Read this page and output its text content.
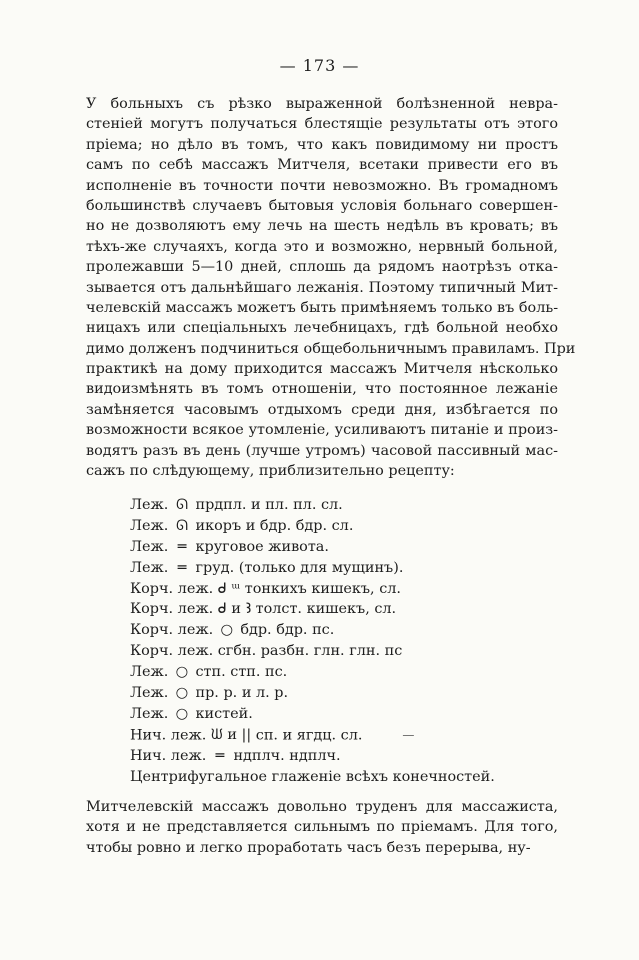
— 173 —
У больныхъ съ рѣзко выраженной болѣзненной невра-
стеніей могутъ получаться блестящіе результаты отъ этого
пріема; но дѣло въ томъ, что какъ повидимому ни простъ
самъ по себѣ массажъ Митчеля, всетаки привести его въ
исполненіе въ точности почти невозможно. Въ громадномъ
большинствѣ случаевъ бытовыя условія больнаго совершен-
но не дозволяютъ ему лечь на шесть недѣль въ кровать; въ
тѣхъ-же случаяхъ, когда это и возможно, нервный больной,
пролежавши 5—10 дней, сплошь да рядомъ наотрѣзъ отка-
зывается отъ дальнѣйшаго лежанія. Поэтому типичный Мит-
челевскій массажъ можетъ быть примѣняемъ только въ боль-
ницахъ или спеціальныхъ лечебницахъ, гдѣ больной необхо
димо долженъ подчиниться общебольничнымъ правиламъ. При
практикѣ на дому приходится массажъ Митчеля нѣсколько
видоизмѣнять въ томъ отношеніи, что постоянное лежаніе
замѣняется часовымъ отдыхомъ среди дня, избѣгается по
возможности всякое утомленіе, усиливаютъ питаніе и произ-
водятъ разъ въ день (лучше утромъ) часовой пассивный мас-
сажъ по слѣдующему, приблизительно рецепту:
Леж. ᘏ прдпл. и пл. пл. сл.
Леж. ᘏ икоръ и бдр. бдр. сл.
Леж. ═ круговое живота.
Леж. ═ груд. (только для мущинъ).
Корч. леж. ᑯ ᵚ тонкихъ кишекъ, сл.
Корч. леж. ᑯ и Ꜣ толст. кишекъ, сл.
Корч. леж. ○ бдр. бдр. пс.
Корч. леж. сгбн. разбн. глн. глн. пс
Леж. ○ стп. стп. пс.
Леж. ○ пр. р. и л. р.
Леж. ○ кистей.
Нич. леж. ᙎ и || сп. и ягдц. сл.	—
Нич. леж. ═ ндплч. ндплч.
Центрифугальное глаженіе всѣхъ конечностей.
Митчелевскій массажъ довольно труденъ для массажиста,
хотя и не представляется сильнымъ по пріемамъ. Для того,
чтобы ровно и легко проработать часъ безъ перерыва, ну-
